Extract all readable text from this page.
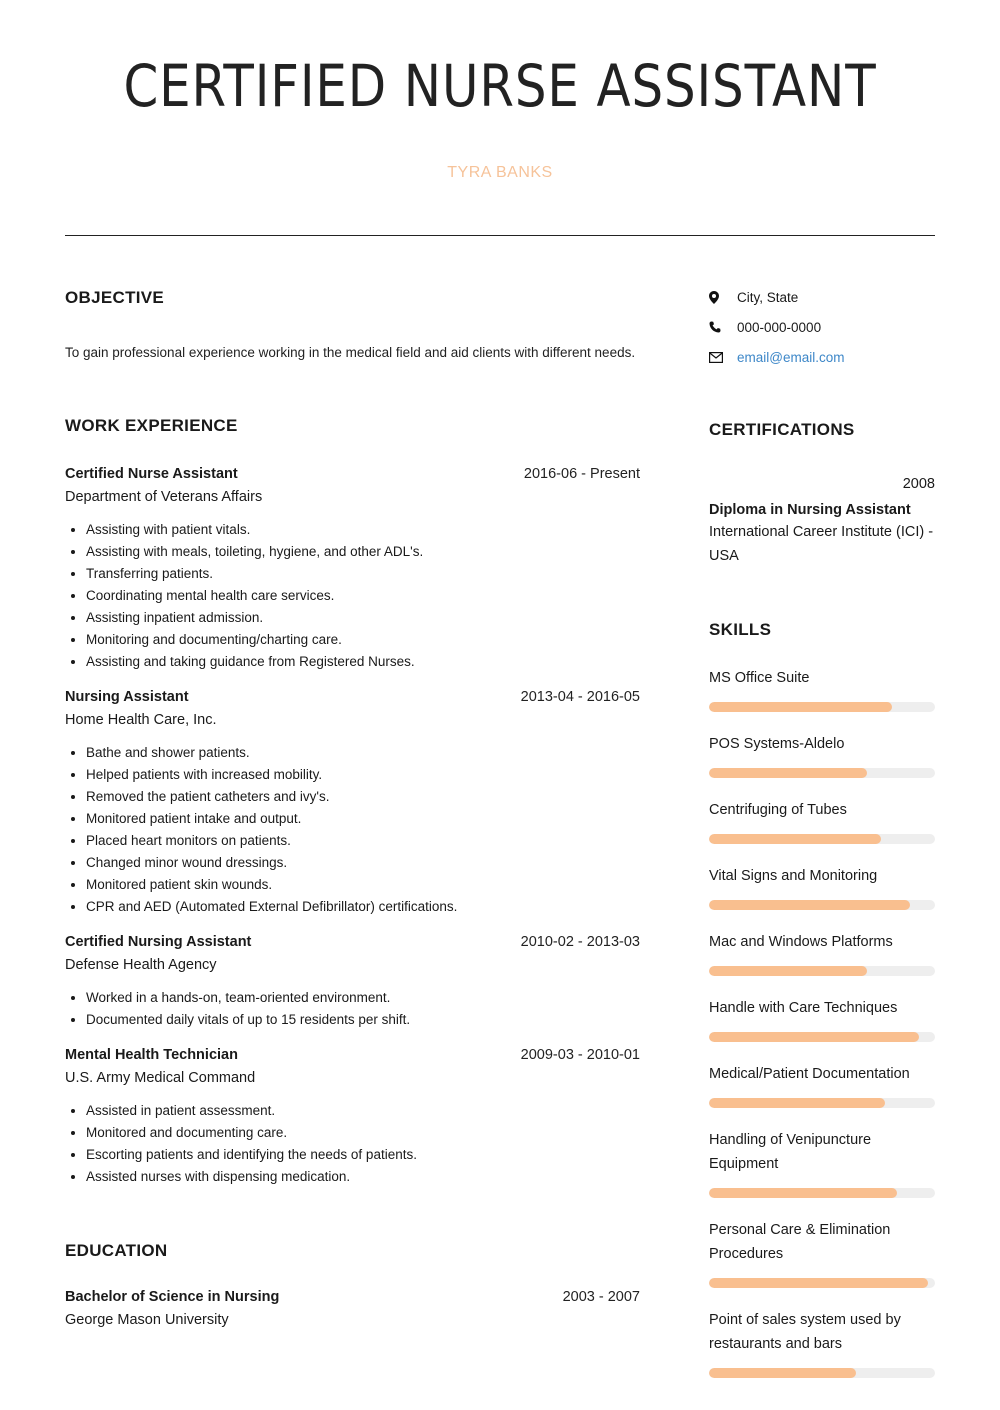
CERTIFIED NURSE ASSISTANT
TYRA BANKS
OBJECTIVE

To gain professional experience working in the medical field and aid clients with different needs.

WORK EXPERIENCE
Certified Nurse Assistant	2016-06 - Present
Department of Veterans Affairs
• Assisting with patient vitals.
• Assisting with meals, toileting, hygiene, and other ADL's.
• Transferring patients.
• Coordinating mental health care services.
• Assisting inpatient admission.
• Monitoring and documenting/charting care.
• Assisting and taking guidance from Registered Nurses.
Nursing Assistant	2013-04 - 2016-05
Home Health Care, Inc.
• Bathe and shower patients.
• Helped patients with increased mobility.
• Removed the patient catheters and ivy's.
• Monitored patient intake and output.
• Placed heart monitors on patients.
• Changed minor wound dressings.
• Monitored patient skin wounds.
• CPR and AED (Automated External Defibrillator) certifications.
Certified Nursing Assistant	2010-02 - 2013-03
Defense Health Agency
• Worked in a hands-on, team-oriented environment.
• Documented daily vitals of up to 15 residents per shift.
Mental Health Technician	2009-03 - 2010-01
U.S. Army Medical Command
• Assisted in patient assessment.
• Monitored and documenting care.
• Escorting patients and identifying the needs of patients.
• Assisted nurses with dispensing medication.
EDUCATION
Bachelor of Science in Nursing	2003 - 2007
George Mason University
City, State
000-000-0000
email@email.com
CERTIFICATIONS
2008
Diploma in Nursing Assistant
International Career Institute (ICI) - USA
SKILLS
MS Office Suite
POS Systems-Aldelo
Centrifuging of Tubes
Vital Signs and Monitoring
Mac and Windows Platforms
Handle with Care Techniques
Medical/Patient Documentation
Handling of Venipuncture Equipment
Personal Care & Elimination Procedures
Point of sales system used by restaurants and bars
